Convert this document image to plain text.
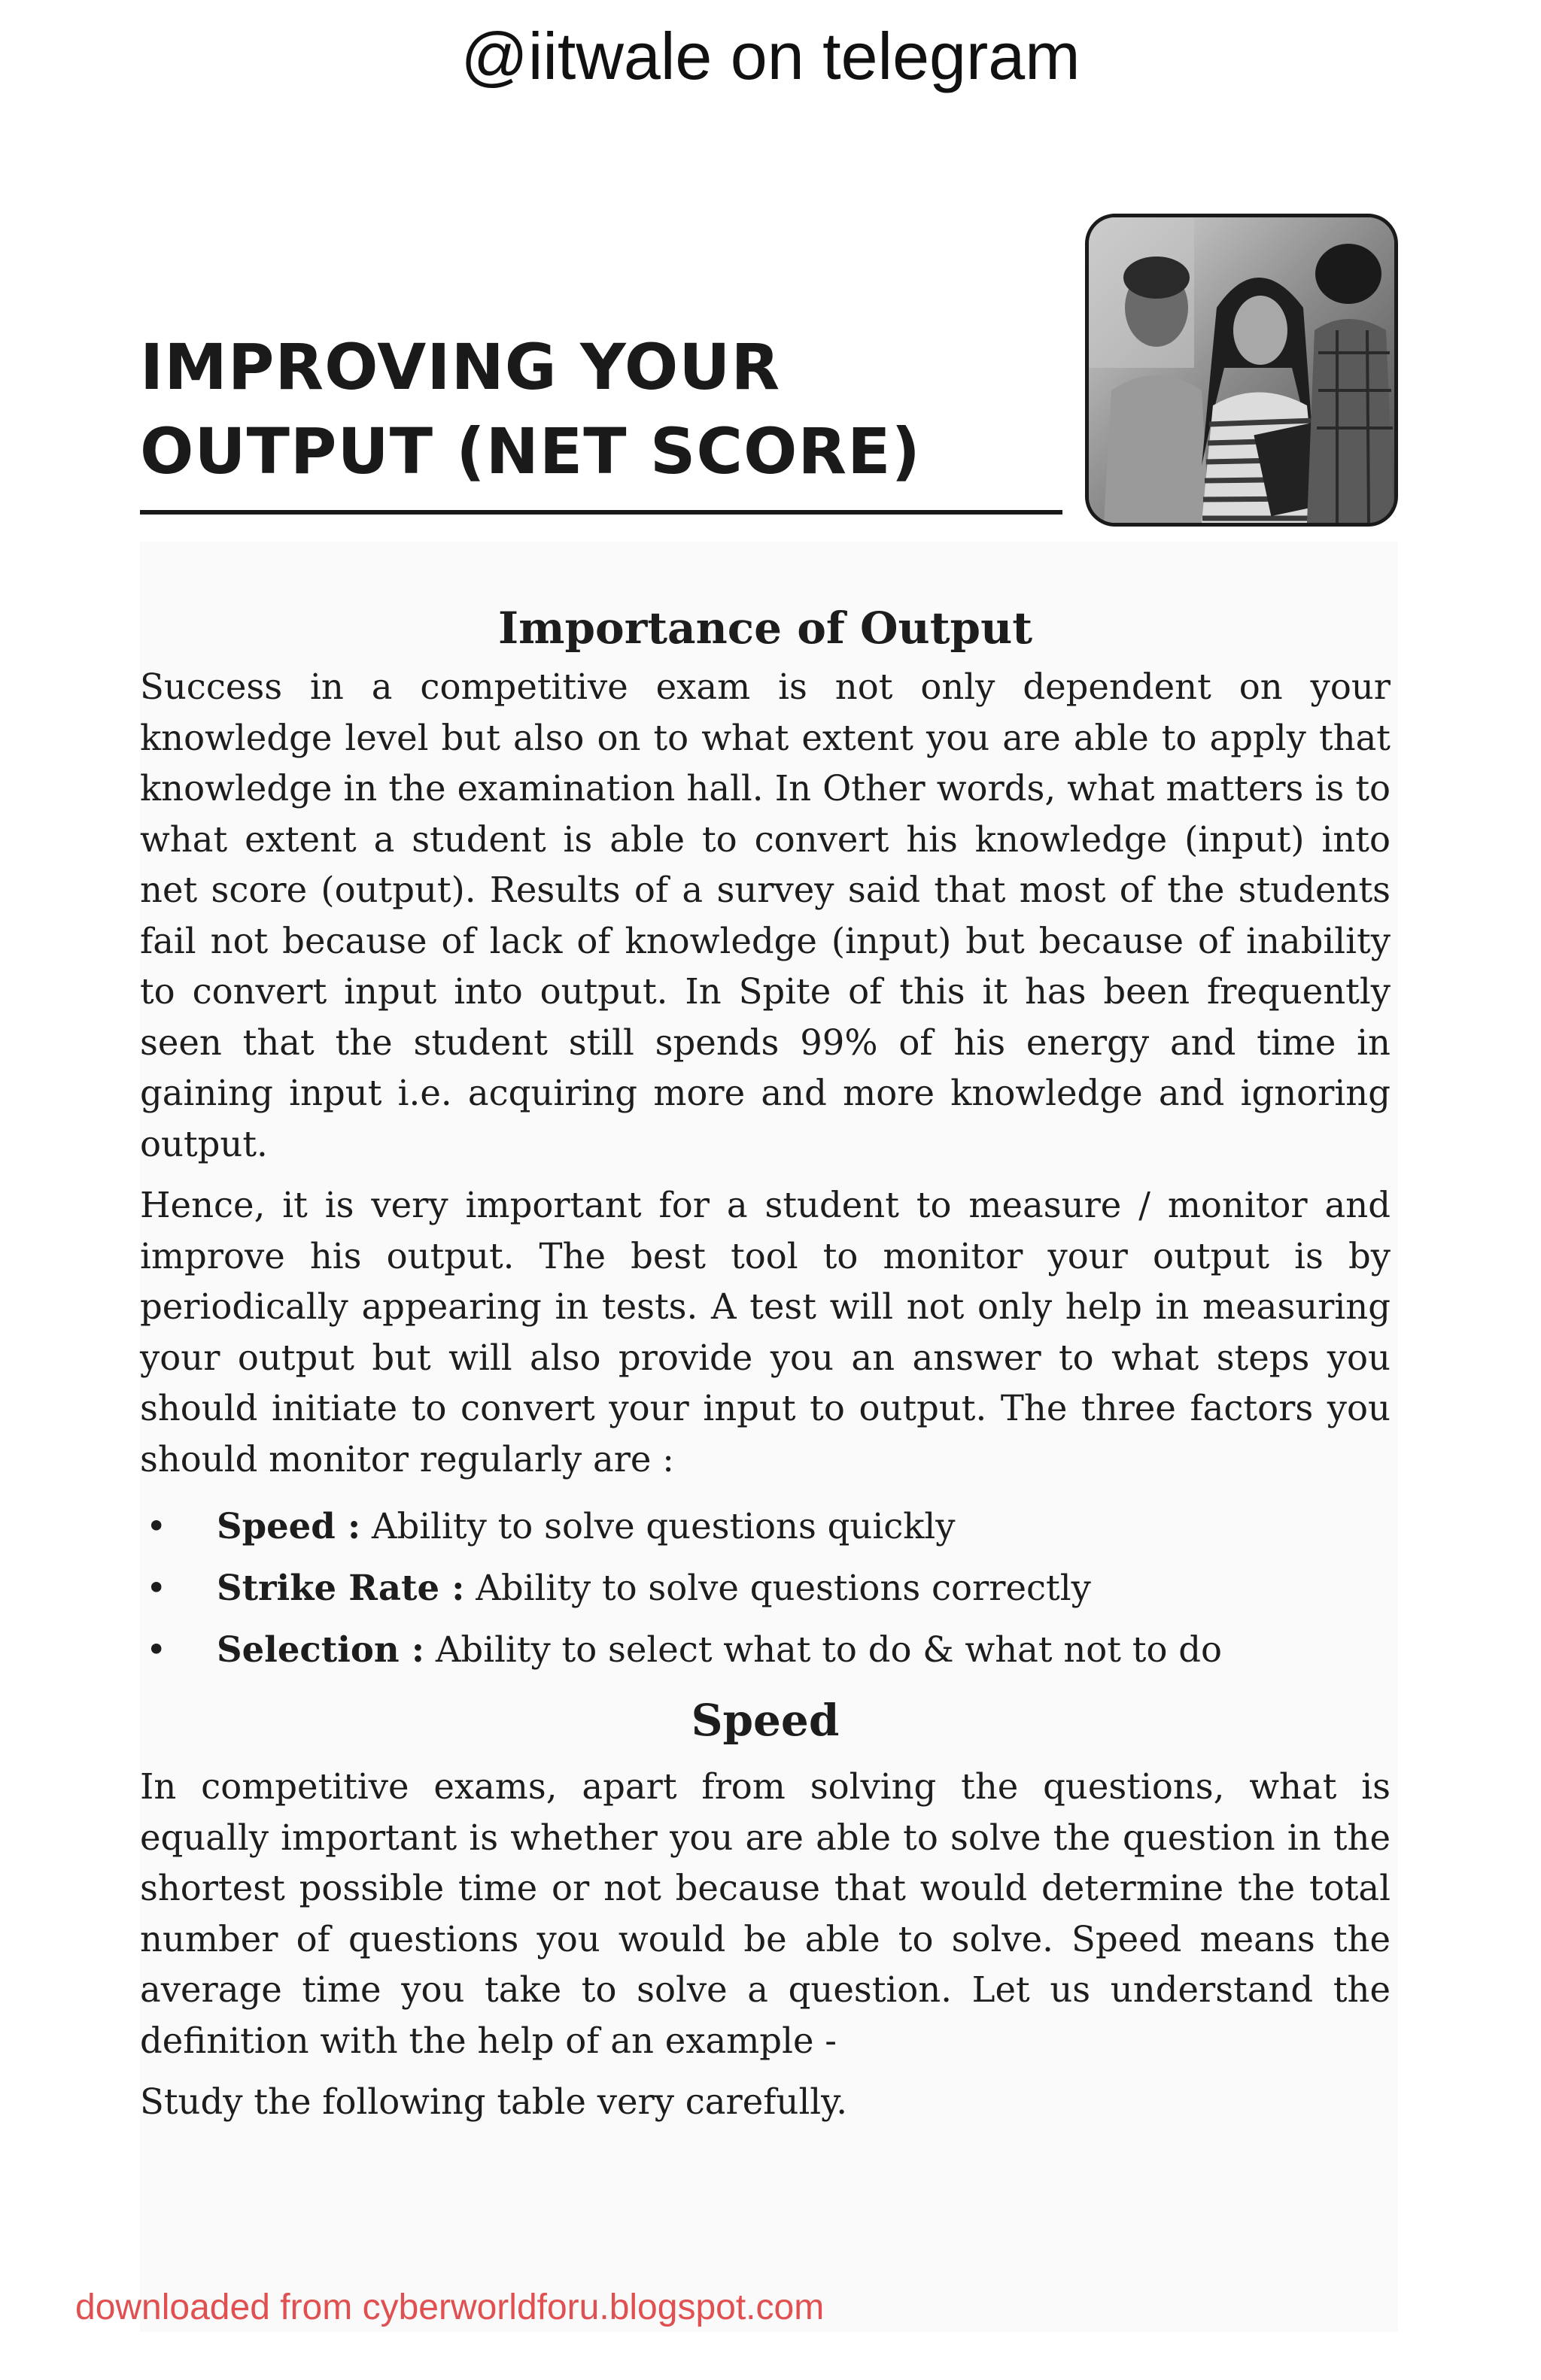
@iitwale on telegram
IMPROVING YOUR
OUTPUT (NET SCORE)
Importance of Output

Success in a competitive exam is not only dependent on your knowledge level but also on to what extent you are able to apply that knowledge in the examination hall. In Other words, what matters is to what extent a student is able to convert his knowledge (input) into net score (output). Results of a survey said that most of the students fail not because of lack of knowledge (input) but because of inability to convert input into output. In Spite of this it has been frequently seen that the student still spends 99% of his energy and time in gaining input i.e. acquiring more and more knowledge and ignoring output.

Hence, it is very important for a student to measure / monitor and improve his output. The best tool to monitor your output is by periodically appearing in tests. A test will not only help in measuring your output but will also provide you an answer to what steps you should initiate to convert your input to output. The three factors you should monitor regularly are :

• Speed : Ability to solve questions quickly
• Strike Rate : Ability to solve questions correctly
• Selection : Ability to select what to do & what not to do
Speed

In competitive exams, apart from solving the questions, what is equally important is whether you are able to solve the question in the shortest possible time or not because that would determine the total number of questions you would be able to solve. Speed means the average time you take to solve a question. Let us understand the definition with the help of an example -

Study the following table very carefully.

downloaded from cyberworldforu.blogspot.com
